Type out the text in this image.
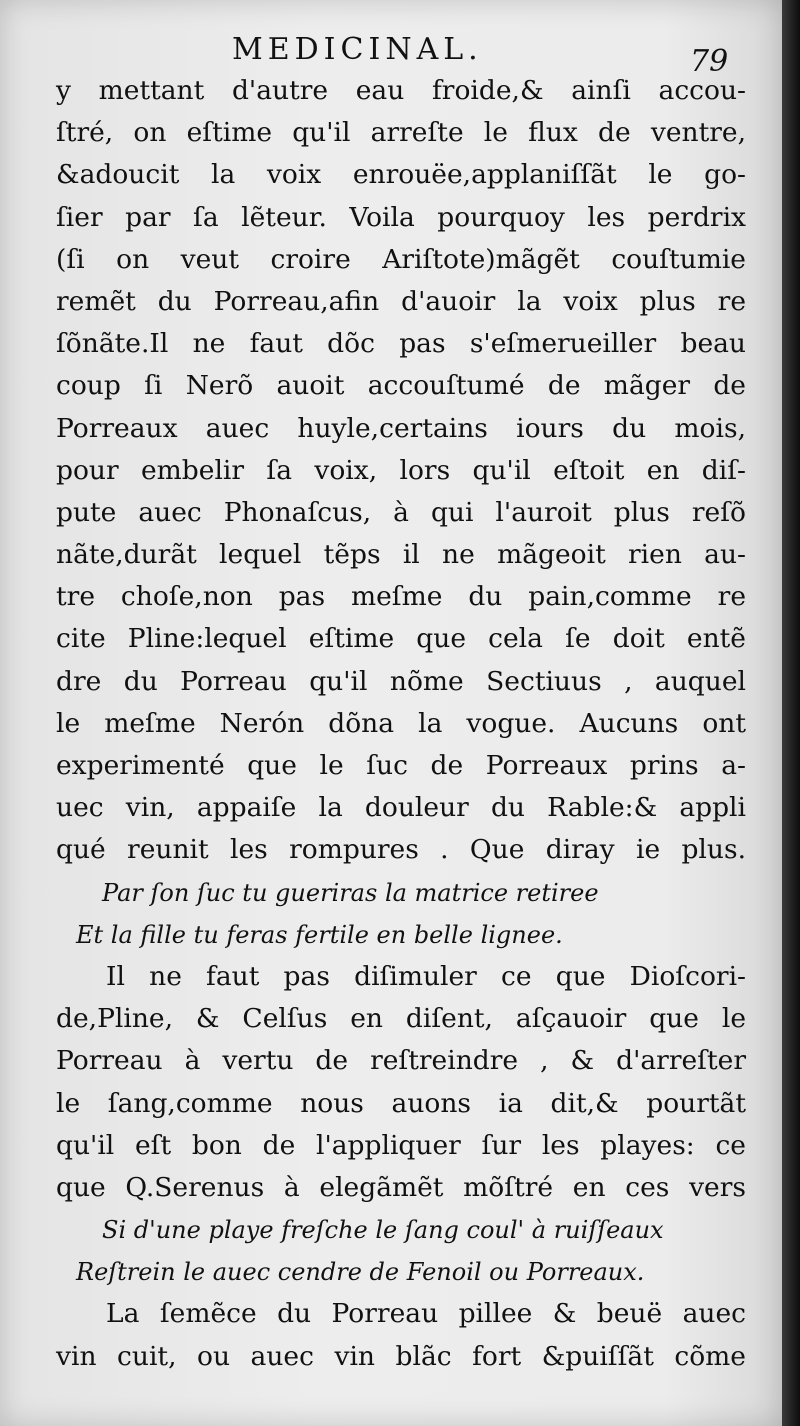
MEDICINAL.	79
y mettant d'autre eau froide,& ainſi accou-
ſtré, on eſtime qu'il arreſte le flux de ventre,
&adoucit la voix enrouëe,applaniſſãt le go-
ſier par ſa lẽteur. Voila pourquoy les perdrix
(ſi on veut croire Ariſtote)mãgẽt couſtumie
remẽt du Porreau,afin d'auoir la voix plus re
ſõnãte.Il ne faut dõc pas s'eſmerueiller beau
coup ſi Nerõ auoit accouſtumé de mãger de
Porreaux auec huyle,certains iours du mois,
pour embelir ſa voix, lors qu'il eſtoit en diſ-
pute auec Phonaſcus, à qui l'auroit plus reſõ
nãte,durãt lequel tẽps il ne mãgeoit rien au-
tre choſe,non pas meſme du pain,comme re
cite Pline:lequel eſtime que cela ſe doit entẽ
dre du Porreau qu'il nõme Sectiuus , auquel
le meſme Nerón dõna la vogue. Aucuns ont
experimenté que le ſuc de Porreaux prins a-
uec vin, appaiſe la douleur du Rable:& appli
qué reunit les rompures . Que diray ie plus.
Par ſon ſuc tu gueriras la matrice retiree
Et la fille tu feras fertile en belle lignee.
Il ne faut pas diſimuler ce que Dioſcori-
de,Pline, & Celſus en diſent, aſçauoir que le
Porreau à vertu de reſtreindre , & d'arreſter
le ſang,comme nous auons ia dit,& pourtãt
qu'il eſt bon de l'appliquer ſur les playes: ce
que Q.Serenus à elegãmẽt mõſtré en ces vers
Si d'une playe freſche le ſang coul' à ruiſſeaux
Reſtrein le auec cendre de Fenoil ou Porreaux.
La ſemẽce du Porreau pillee & beuë auec
vin cuit, ou auec vin blãc fort &puiſſãt cõme
